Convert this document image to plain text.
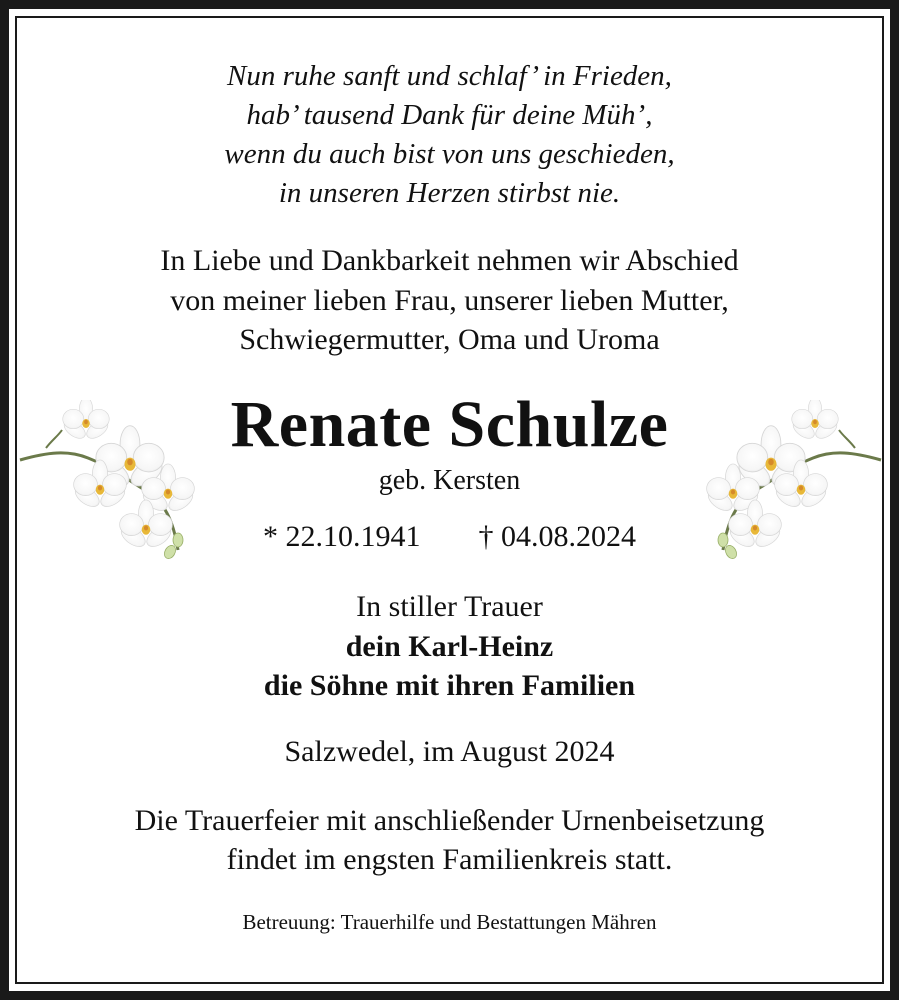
Nun ruhe sanft und schlaf’ in Frieden,
hab’ tausend Dank für deine Müh’,
wenn du auch bist von uns geschieden,
in unseren Herzen stirbst nie.
In Liebe und Dankbarkeit nehmen wir Abschied
von meiner lieben Frau, unserer lieben Mutter,
Schwiegermutter, Oma und Uroma
Renate Schulze
geb. Kersten
* 22.10.1941 † 04.08.2024
In stiller Trauer
dein Karl-Heinz
die Söhne mit ihren Familien
Salzwedel, im August 2024
Die Trauerfeier mit anschließender Urnenbeisetzung
findet im engsten Familienkreis statt.
Betreuung: Trauerhilfe und Bestattungen Mähren
